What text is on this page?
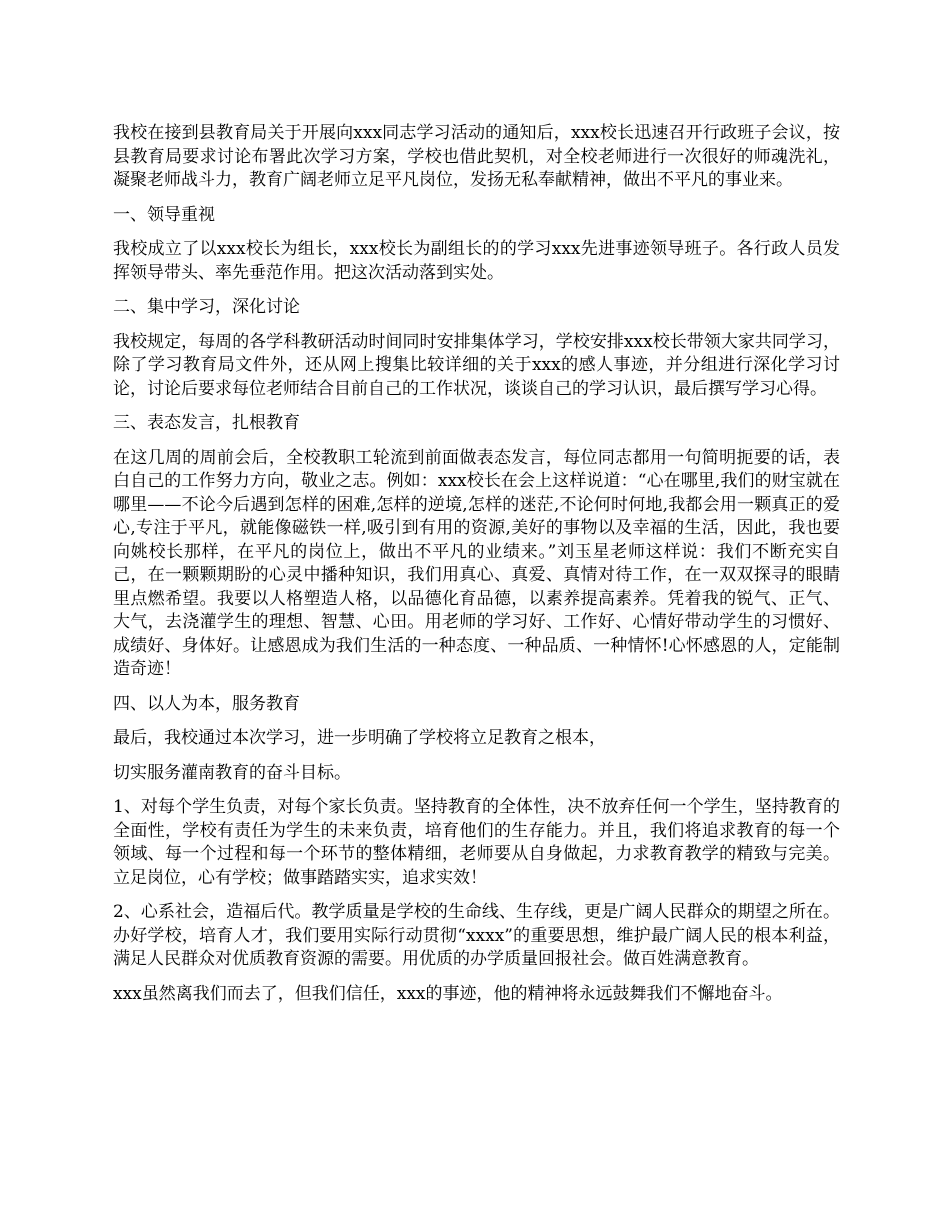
我校在接到县教育局关于开展向xxx同志学习活动的通知后，xxx校长迅速召开行政班子会议，按县教育局要求讨论布署此次学习方案，学校也借此契机，对全校老师进行一次很好的师魂洗礼，凝聚老师战斗力，教育广阔老师立足平凡岗位，发扬无私奉献精神，做出不平凡的事业来。

一、领导重视

我校成立了以xxx校长为组长，xxx校长为副组长的的学习xxx先进事迹领导班子。各行政人员发挥领导带头、率先垂范作用。把这次活动落到实处。

二、集中学习，深化讨论

我校规定，每周的各学科教研活动时间同时安排集体学习，学校安排xxx校长带领大家共同学习，除了学习教育局文件外，还从网上搜集比较详细的关于xxx的感人事迹，并分组进行深化学习讨论，讨论后要求每位老师结合目前自己的工作状况，谈谈自己的学习认识，最后撰写学习心得。

三、表态发言，扎根教育

在这几周的周前会后，全校教职工轮流到前面做表态发言，每位同志都用一句简明扼要的话，表白自己的工作努力方向，敬业之志。例如：xxx校长在会上这样说道：“心在哪里,我们的财宝就在哪里——不论今后遇到怎样的困难,怎样的逆境,怎样的迷茫,不论何时何地,我都会用一颗真正的爱心,专注于平凡，就能像磁铁一样,吸引到有用的资源,美好的事物以及幸福的生活，因此，我也要向姚校长那样，在平凡的岗位上，做出不平凡的业绩来。”刘玉星老师这样说：我们不断充实自己，在一颗颗期盼的心灵中播种知识，我们用真心、真爱、真情对待工作，在一双双探寻的眼睛里点燃希望。我要以人格塑造人格，以品德化育品德，以素养提高素养。凭着我的锐气、正气、大气，去浇灌学生的理想、智慧、心田。用老师的学习好、工作好、心情好带动学生的习惯好、成绩好、身体好。让感恩成为我们生活的一种态度、一种品质、一种情怀!心怀感恩的人，定能制造奇迹！

四、以人为本，服务教育

最后，我校通过本次学习，进一步明确了学校将立足教育之根本，

切实服务灌南教育的奋斗目标。

1、对每个学生负责，对每个家长负责。坚持教育的全体性，决不放弃任何一个学生，坚持教育的全面性，学校有责任为学生的未来负责，培育他们的生存能力。并且，我们将追求教育的每一个领域、每一个过程和每一个环节的整体精细，老师要从自身做起，力求教育教学的精致与完美。立足岗位，心有学校；做事踏踏实实，追求实效！

2、心系社会，造福后代。教学质量是学校的生命线、生存线，更是广阔人民群众的期望之所在。办好学校，培育人才，我们要用实际行动贯彻“xxxx”的重要思想，维护最广阔人民的根本利益，满足人民群众对优质教育资源的需要。用优质的办学质量回报社会。做百姓满意教育。

xxx虽然离我们而去了，但我们信任，xxx的事迹，他的精神将永远鼓舞我们不懈地奋斗。
